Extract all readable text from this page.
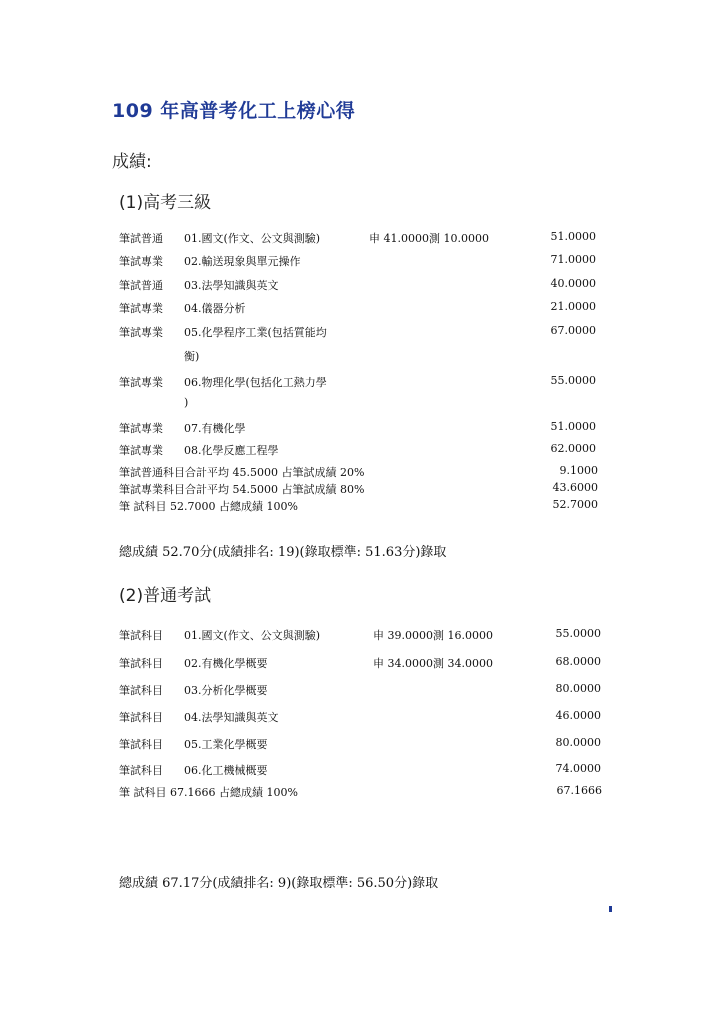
109 年高普考化工上榜心得
成績:
(1)高考三級
筆試普通 01.國文(作文、公文與測驗)	申 41.0000測 10.0000	51.0000
筆試專業 02.輸送現象與單元操作	71.0000
筆試普通 03.法學知識與英文	40.0000
筆試專業 04.儀器分析	21.0000
筆試專業 05.化學程序工業(包括質能均	67.0000
衡)
筆試專業 06.物理化學(包括化工熱力學	55.0000
)
筆試專業 07.有機化學	51.0000
筆試專業 08.化學反應工程學	62.0000
筆試普通科目合計平均 45.5000 占筆試成績 20%	9.1000
筆試專業科目合計平均 54.5000 占筆試成績 80%	43.6000
筆 試科目 52.7000 占總成績 100%	52.7000
總成績 52.70分(成績排名: 19)(錄取標準: 51.63分)錄取
(2)普通考試
筆試科目 01.國文(作文、公文與測驗)	申 39.0000測 16.0000	55.0000
筆試科目 02.有機化學概要	申 34.0000測 34.0000	68.0000
筆試科目 03.分析化學概要	80.0000
筆試科目 04.法學知識與英文	46.0000
筆試科目 05.工業化學概要	80.0000
筆試科目 06.化工機械概要	74.0000
筆 試科目 67.1666 占總成績 100%	67.1666
總成績 67.17分(成績排名: 9)(錄取標準: 56.50分)錄取
